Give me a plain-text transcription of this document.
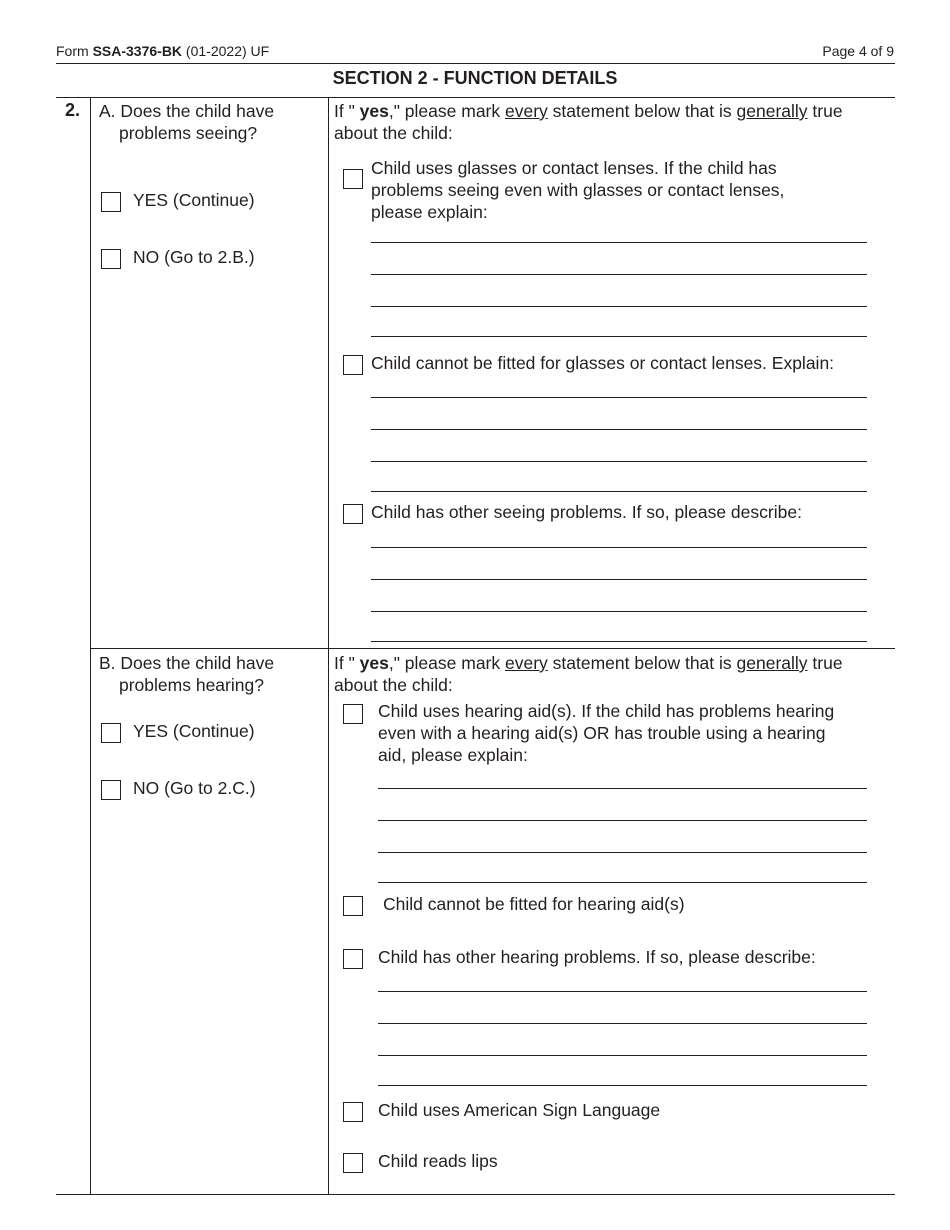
Form SSA-3376-BK (01-2022) UF	Page 4 of 9
SECTION 2 - FUNCTION DETAILS
2. A. Does the child have
problems seeing?
YES (Continue)
NO (Go to 2.B.)
If " yes," please mark every statement below that is generally true
about the child:
Child uses glasses or contact lenses. If the child has
problems seeing even with glasses or contact lenses,
please explain:
Child cannot be fitted for glasses or contact lenses. Explain:
Child has other seeing problems. If so, please describe:
B. Does the child have
problems hearing?
YES (Continue)
NO (Go to 2.C.)
If " yes," please mark every statement below that is generally true
about the child:
Child uses hearing aid(s). If the child has problems hearing
even with a hearing aid(s) OR has trouble using a hearing
aid, please explain:
Child cannot be fitted for hearing aid(s)
Child has other hearing problems. If so, please describe:
Child uses American Sign Language
Child reads lips
